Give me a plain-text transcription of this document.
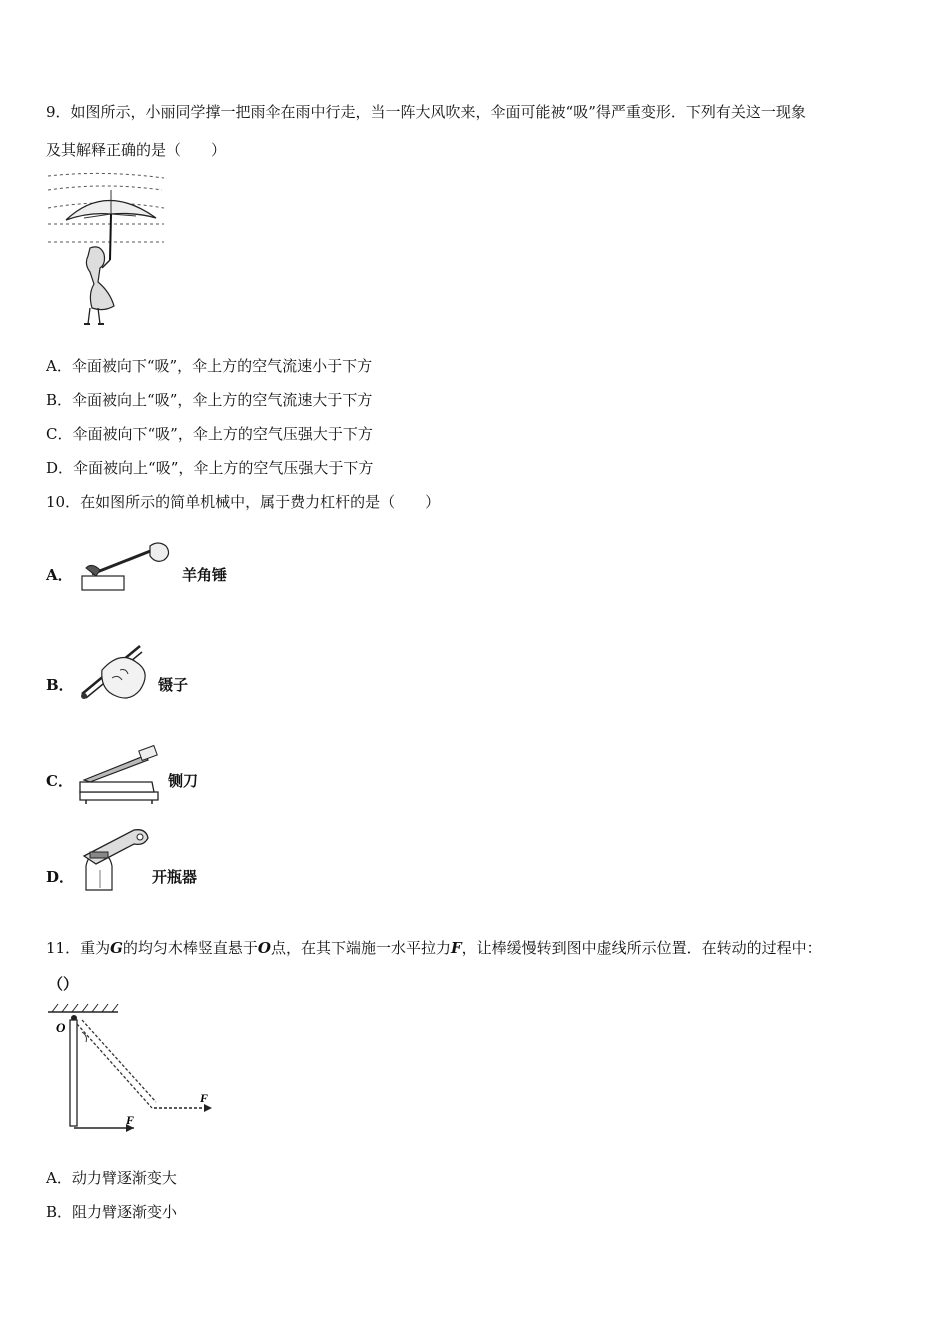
9．如图所示，小丽同学撑一把雨伞在雨中行走，当一阵大风吹来，伞面可能被“吸”得严重变形．下列有关这一现象
及其解释正确的是（　　）
A．伞面被向下“吸”，伞上方的空气流速小于下方
B．伞面被向上“吸”，伞上方的空气流速大于下方
C．伞面被向下“吸”，伞上方的空气压强大于下方
D．伞面被向上“吸”，伞上方的空气压强大于下方
10．在如图所示的简单机械中，属于费力杠杆的是（　　）
A．	羊角锤
B．	镊子
C．	铡刀
D．	开瓶器
11．重为G的均匀木棒竖直悬于O点，在其下端施一水平拉力F，让棒缓慢转到图中虚线所示位置．在转动的过程中：
（）
O
F
F
A．动力臂逐渐变大
B．阻力臂逐渐变小
